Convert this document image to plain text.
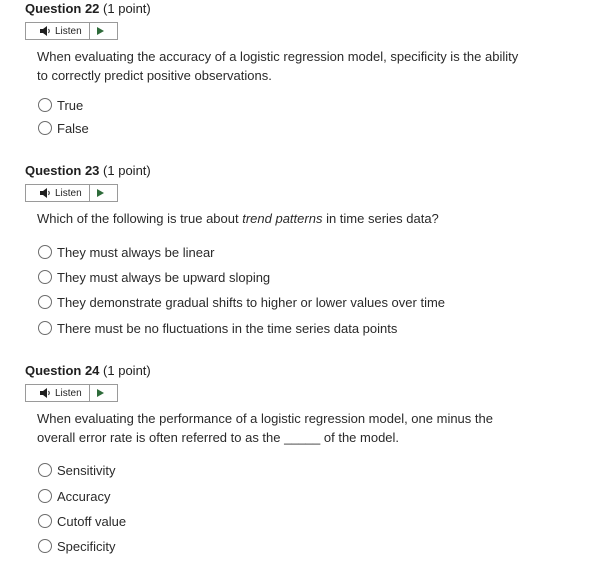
Question 22 (1 point)
Listen
When evaluating the accuracy of a logistic regression model, specificity is the ability to correctly predict positive observations.
True
False
Question 23 (1 point)
Listen
Which of the following is true about trend patterns in time series data?
They must always be linear
They must always be upward sloping
They demonstrate gradual shifts to higher or lower values over time
There must be no fluctuations in the time series data points
Question 24 (1 point)
Listen
When evaluating the performance of a logistic regression model, one minus the overall error rate is often referred to as the _____ of the model.
Sensitivity
Accuracy
Cutoff value
Specificity
